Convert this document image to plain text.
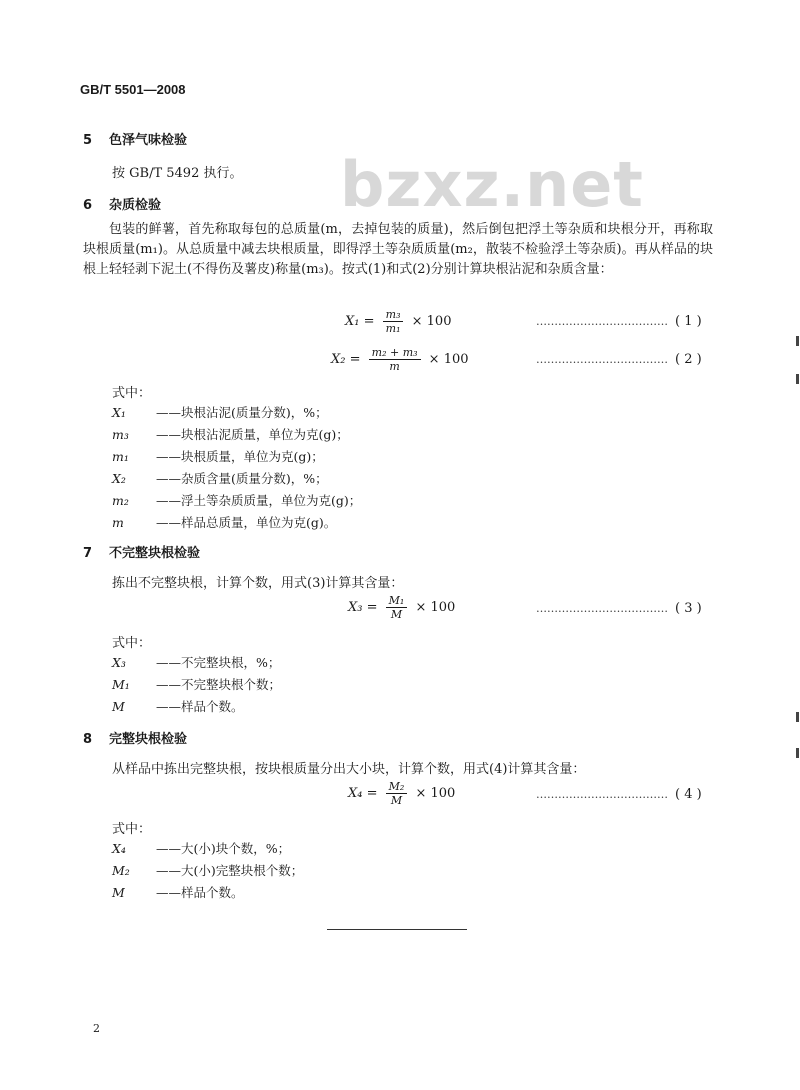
GB/T 5501—2008
bzxz.net
5 色泽气味检验
按 GB/T 5492 执行。
6 杂质检验
包装的鲜薯，首先称取每包的总质量(m，去掉包装的质量)，然后倒包把浮土等杂质和块根分开，再称取块根质量(m₁)。从总质量中减去块根质量，即得浮土等杂质质量(m₂，散装不检验浮土等杂质)。再从样品的块根上轻轻剥下泥土(不得伤及薯皮)称量(m₃)。按式(1)和式(2)分别计算块根沾泥和杂质含量：
$X_1 = \frac{\text{m₃}}{\text{m₁}} \times 100$	……………………………… ( 1 )
$X_2 = \frac{\text{m₂ + m₃}}{m} \times 100$	……………………………… ( 2 )
式中：
X₁ ——块根沾泥(质量分数)，%；
m₃ ——块根沾泥质量，单位为克(g)；
m₁ ——块根质量，单位为克(g)；
X₂ ——杂质含量(质量分数)，%；
m₂ ——浮土等杂质质量，单位为克(g)；
m	——样品总质量，单位为克(g)。
7 不完整块根检验
拣出不完整块根，计算个数，用式(3)计算其含量：
$X_3 = \frac{\text{M₁}}{M} \times 100$	……………………………… ( 3 )
式中：
X₃ ——不完整块根，%；
M₁ ——不完整块根个数；
M ——样品个数。
8 完整块根检验
从样品中拣出完整块根，按块根质量分出大小块，计算个数，用式(4)计算其含量：
$X_4 = \frac{\text{M₂}}{M} \times 100$	……………………………… ( 4 )
式中：
X₄ ——大(小)块个数，%；
M₂ ——大(小)完整块根个数；
M ——样品个数。
2
